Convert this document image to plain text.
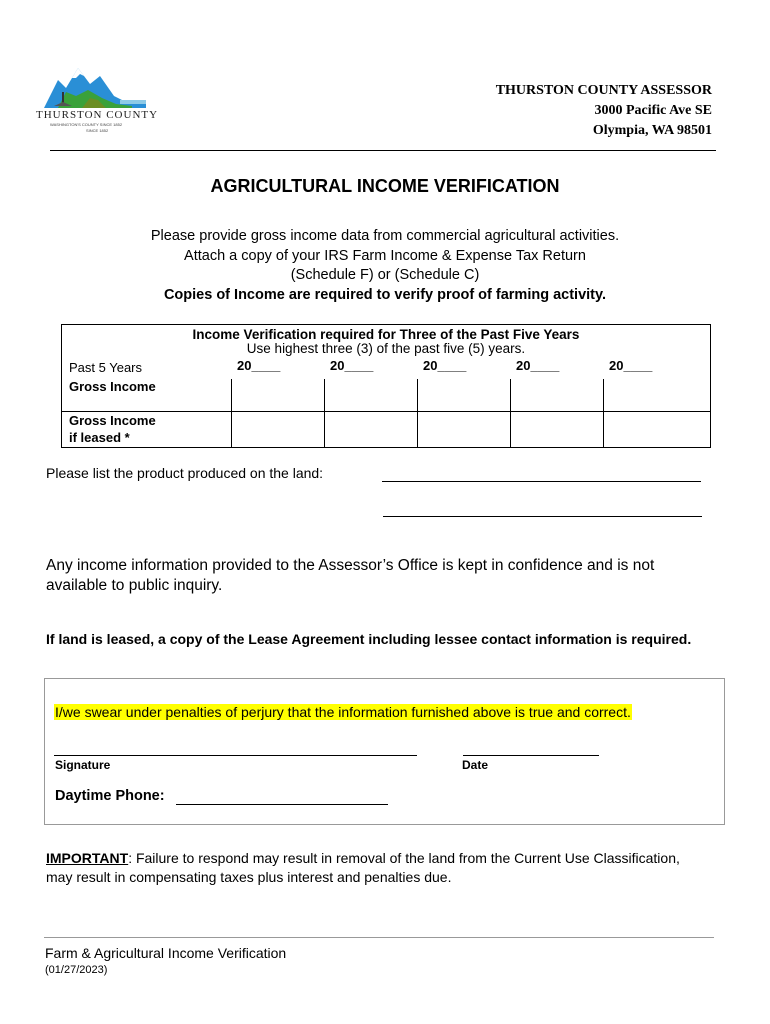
THURSTON COUNTY
WASHINGTON'S COUNTY SINCE 1852
SINCE 1852
THURSTON COUNTY ASSESSOR
3000 Pacific Ave SE
Olympia, WA 98501
AGRICULTURAL INCOME VERIFICATION
Please provide gross income data from commercial agricultural activities.
Attach a copy of your IRS Farm Income & Expense Tax Return
(Schedule F) or (Schedule C)
Copies of Income are required to verify proof of farming activity.
Income Verification required for Three of the Past Five Years
Use highest three (3) of the past five (5) years.
Past 5 Years	20____	20____	20____	20____	20____
Gross Income
Gross Income
if leased *
Please list the product produced on the land:
Any income information provided to the Assessor’s Office is kept in confidence and is not available to public inquiry.
If land is leased, a copy of the Lease Agreement including lessee contact information is required.
I/we swear under penalties of perjury that the information furnished above is true and correct.
Signature	Date
Daytime Phone:
IMPORTANT: Failure to respond may result in removal of the land from the Current Use Classification, may result in compensating taxes plus interest and penalties due.
Farm & Agricultural Income Verification
(01/27/2023)
